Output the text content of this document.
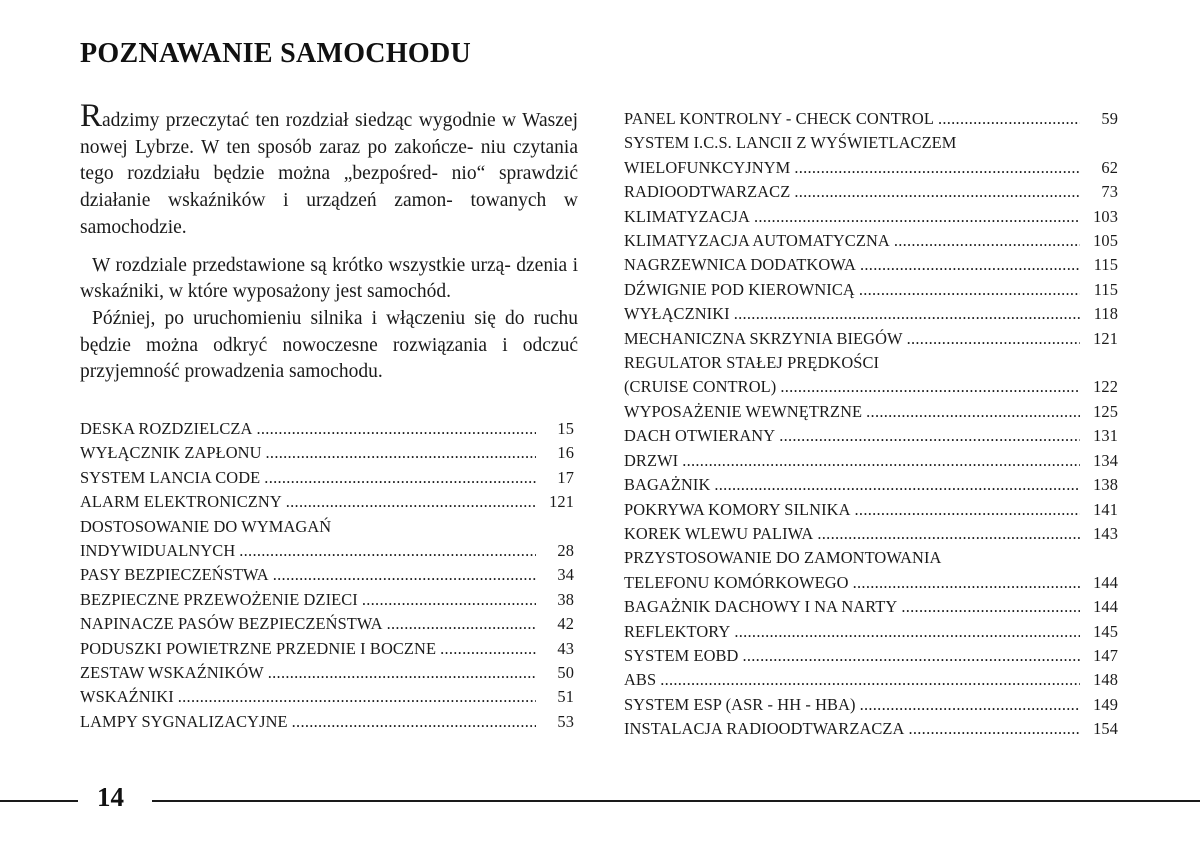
POZNAWANIE SAMOCHODU

Radzimy przeczytać ten rozdział siedząc wygodnie w Waszej nowej Lybrze. W ten sposób zaraz po zakończe- niu czytania tego rozdziału będzie można „bezpośred- nio“ sprawdzić działanie wskaźników i urządzeń zamon- towanych w samochodzie.

W rozdziale przedstawione są krótko wszystkie urzą- dzenia i wskaźniki, w które wyposażony jest samochód.

Później, po uruchomieniu silnika i włączeniu się do ruchu będzie można odkryć nowoczesne rozwiązania i odczuć przyjemność prowadzenia samochodu.

DESKA ROZDZIELCZA .....	15
WYŁĄCZNIK ZAPŁONU .....	16
SYSTEM LANCIA CODE .....	17
ALARM ELEKTRONICZNY .....	121
DOSTOSOWANIE DO WYMAGAŃ
INDYWIDUALNYCH .....	28
PASY BEZPIECZEŃSTWA .....	34
BEZPIECZNE PRZEWOŻENIE DZIECI .....	38
NAPINACZE PASÓW BEZPIECZEŃSTWA .....	42
PODUSZKI POWIETRZNE PRZEDNIE I BOCZNE .....	43
ZESTAW WSKAŹNIKÓW .....	50
WSKAŹNIKI .....	51
LAMPY SYGNALIZACYJNE .....	53
PANEL KONTROLNY - CHECK CONTROL .....	59
SYSTEM I.C.S. LANCII Z WYŚWIETLACZEM
WIELOFUNKCYJNYM .....	62
RADIOODTWARZACZ .....	73
KLIMATYZACJA .....	103
KLIMATYZACJA AUTOMATYCZNA .....	105
NAGRZEWNICA DODATKOWA .....	115
DŹWIGNIE POD KIEROWNICĄ .....	115
WYŁĄCZNIKI .....	118
MECHANICZNA SKRZYNIA BIEGÓW .....	121
REGULATOR STAŁEJ PRĘDKOŚCI
(CRUISE CONTROL) .....	122
WYPOSAŻENIE WEWNĘTRZNE .....	125
DACH OTWIERANY .....	131
DRZWI .....	134
BAGAŻNIK .....	138
POKRYWA KOMORY SILNIKA .....	141
KOREK WLEWU PALIWA .....	143
PRZYSTOSOWANIE DO ZAMONTOWANIA
TELEFONU KOMÓRKOWEGO .....	144
BAGAŻNIK DACHOWY I NA NARTY .....	144
REFLEKTORY .....	145
SYSTEM EOBD .....	147
ABS .....	148
SYSTEM ESP (ASR - HH - HBA) .....	149
INSTALACJA RADIOODTWARZACZA .....	154
14
